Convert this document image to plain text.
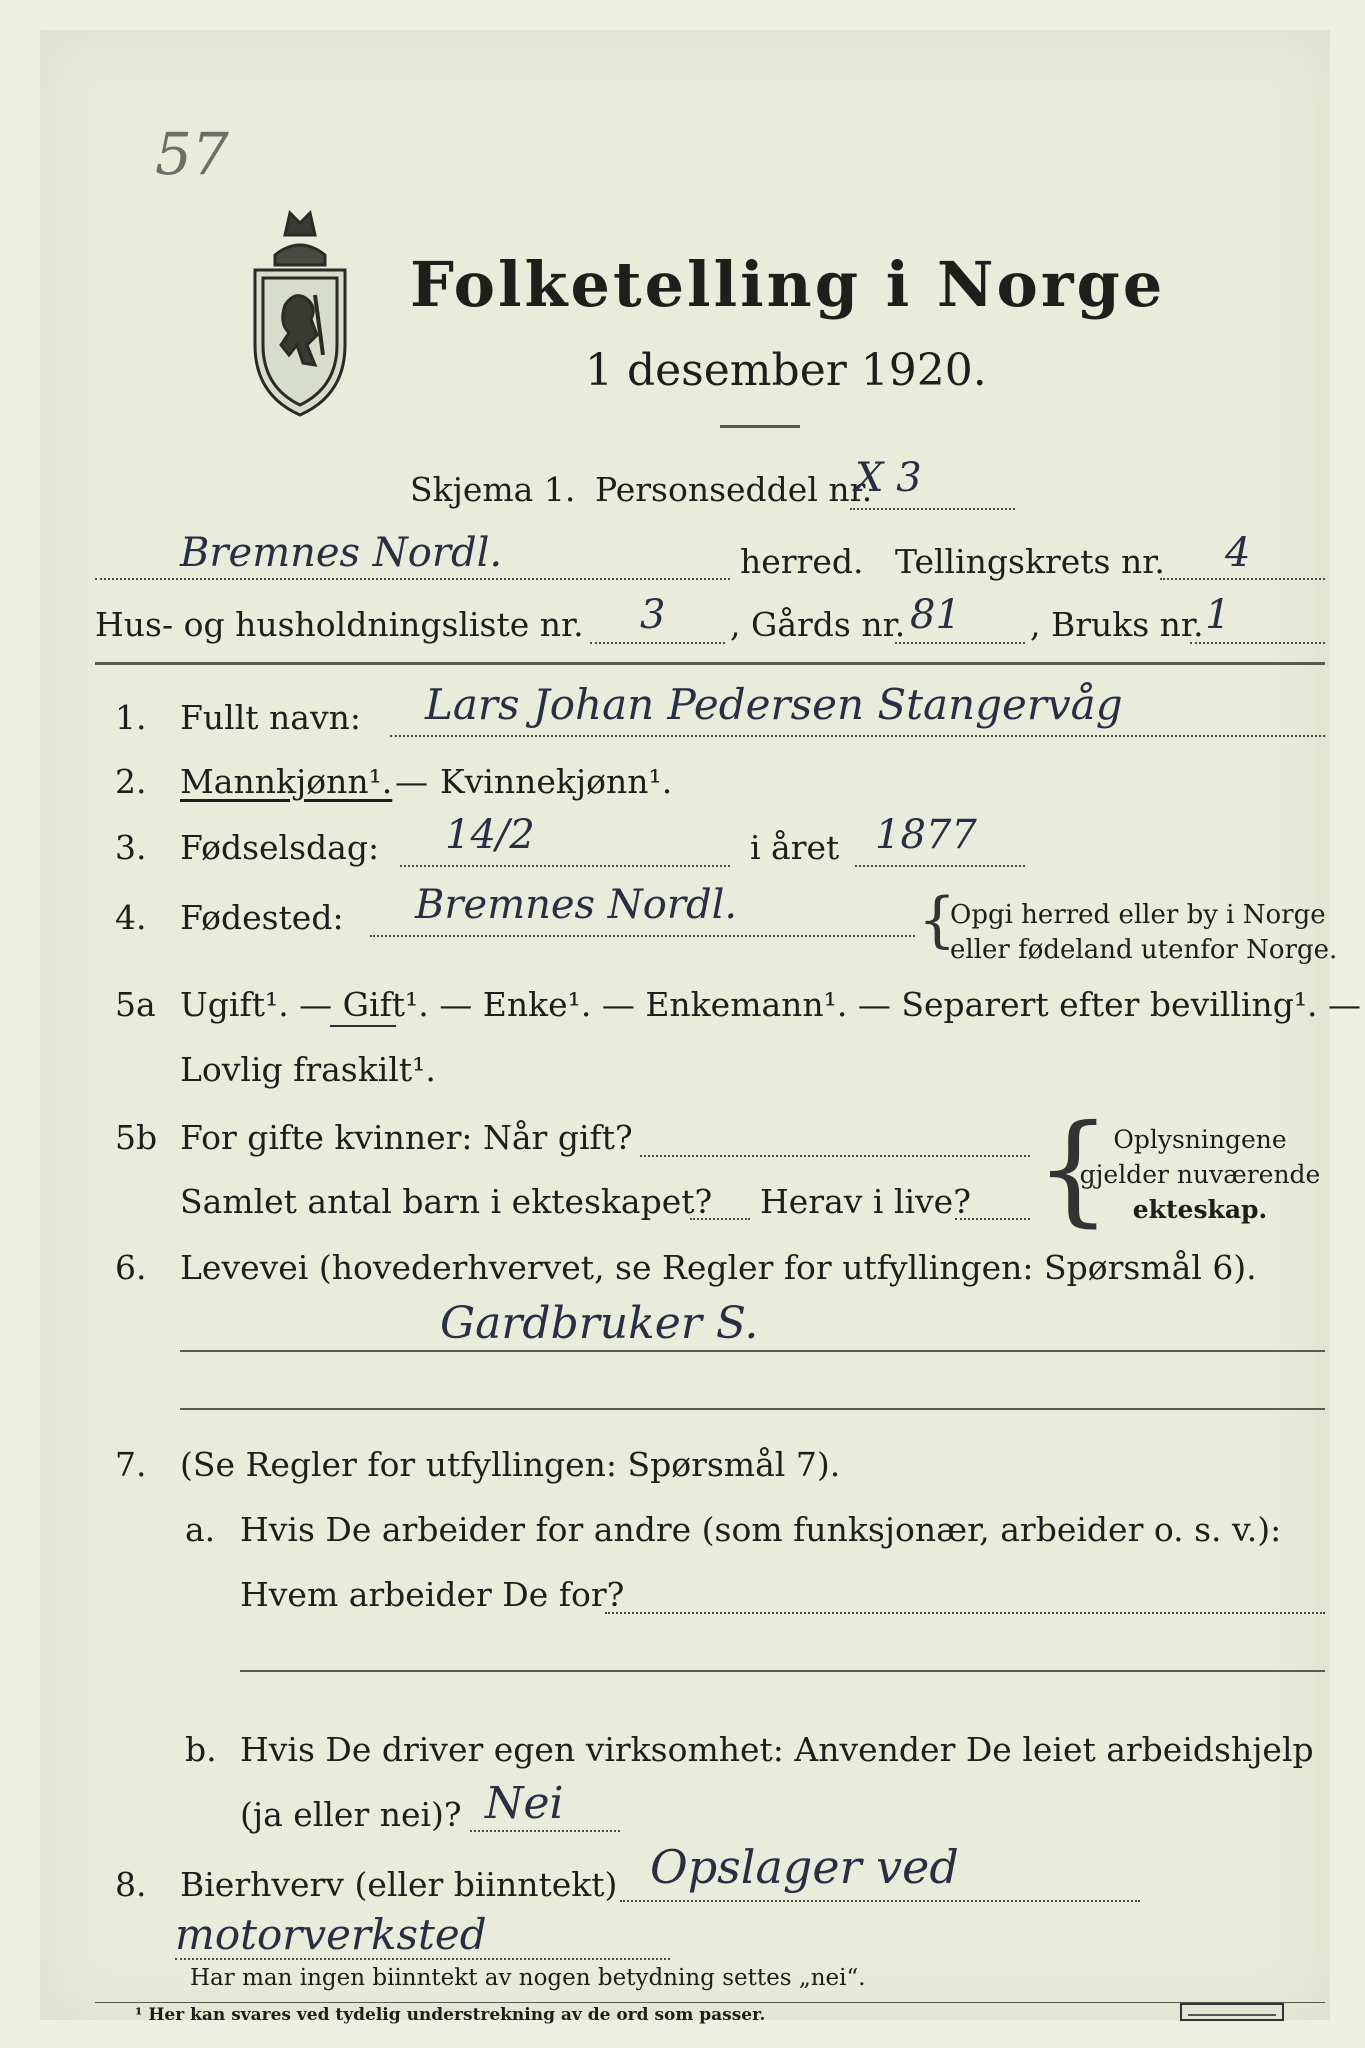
57
Folketelling i Norge
1 desember 1920.
Skjema 1. Personseddel nr.
X 3
Bremnes Nordl.	herred. Tellingskrets nr. 4
Hus- og husholdningsliste nr. 3 , Gårds nr. 81 , Bruks nr. 1
1. Fullt navn: Lars Johan Pedersen Stangervåg
2. Mannkjønn¹. — Kvinnekjønn¹.
3. Fødselsdag: 14/2	i året 1877
4. Fødested: Bremnes Nordl.	{
Opgi herred eller by i Norge
eller fødeland utenfor Norge.
5a Ugift¹. — Gift¹. — Enke¹. — Enkemann¹. — Separert efter bevilling¹. —
Lovlig fraskilt¹.
5b For gifte kvinner: Når gift?
Samlet antal barn i ekteskapet? Herav i live? { Oplysningene
gjelder nuværende
ekteskap.
6. Levevei (hovederhvervet, se Regler for utfyllingen: Spørsmål 6).
Gardbruker S.
7. (Se Regler for utfyllingen: Spørsmål 7).
a. Hvis De arbeider for andre (som funksjonær, arbeider o. s. v.):
Hvem arbeider De for?
b. Hvis De driver egen virksomhet: Anvender De leiet arbeidshjelp
(ja eller nei)? Nei
8. Bierhverv (eller biinntekt) Opslager ved
motorverksted
Har man ingen biinntekt av nogen betydning settes „nei“.
¹ Her kan svares ved tydelig understrekning av de ord som passer.
